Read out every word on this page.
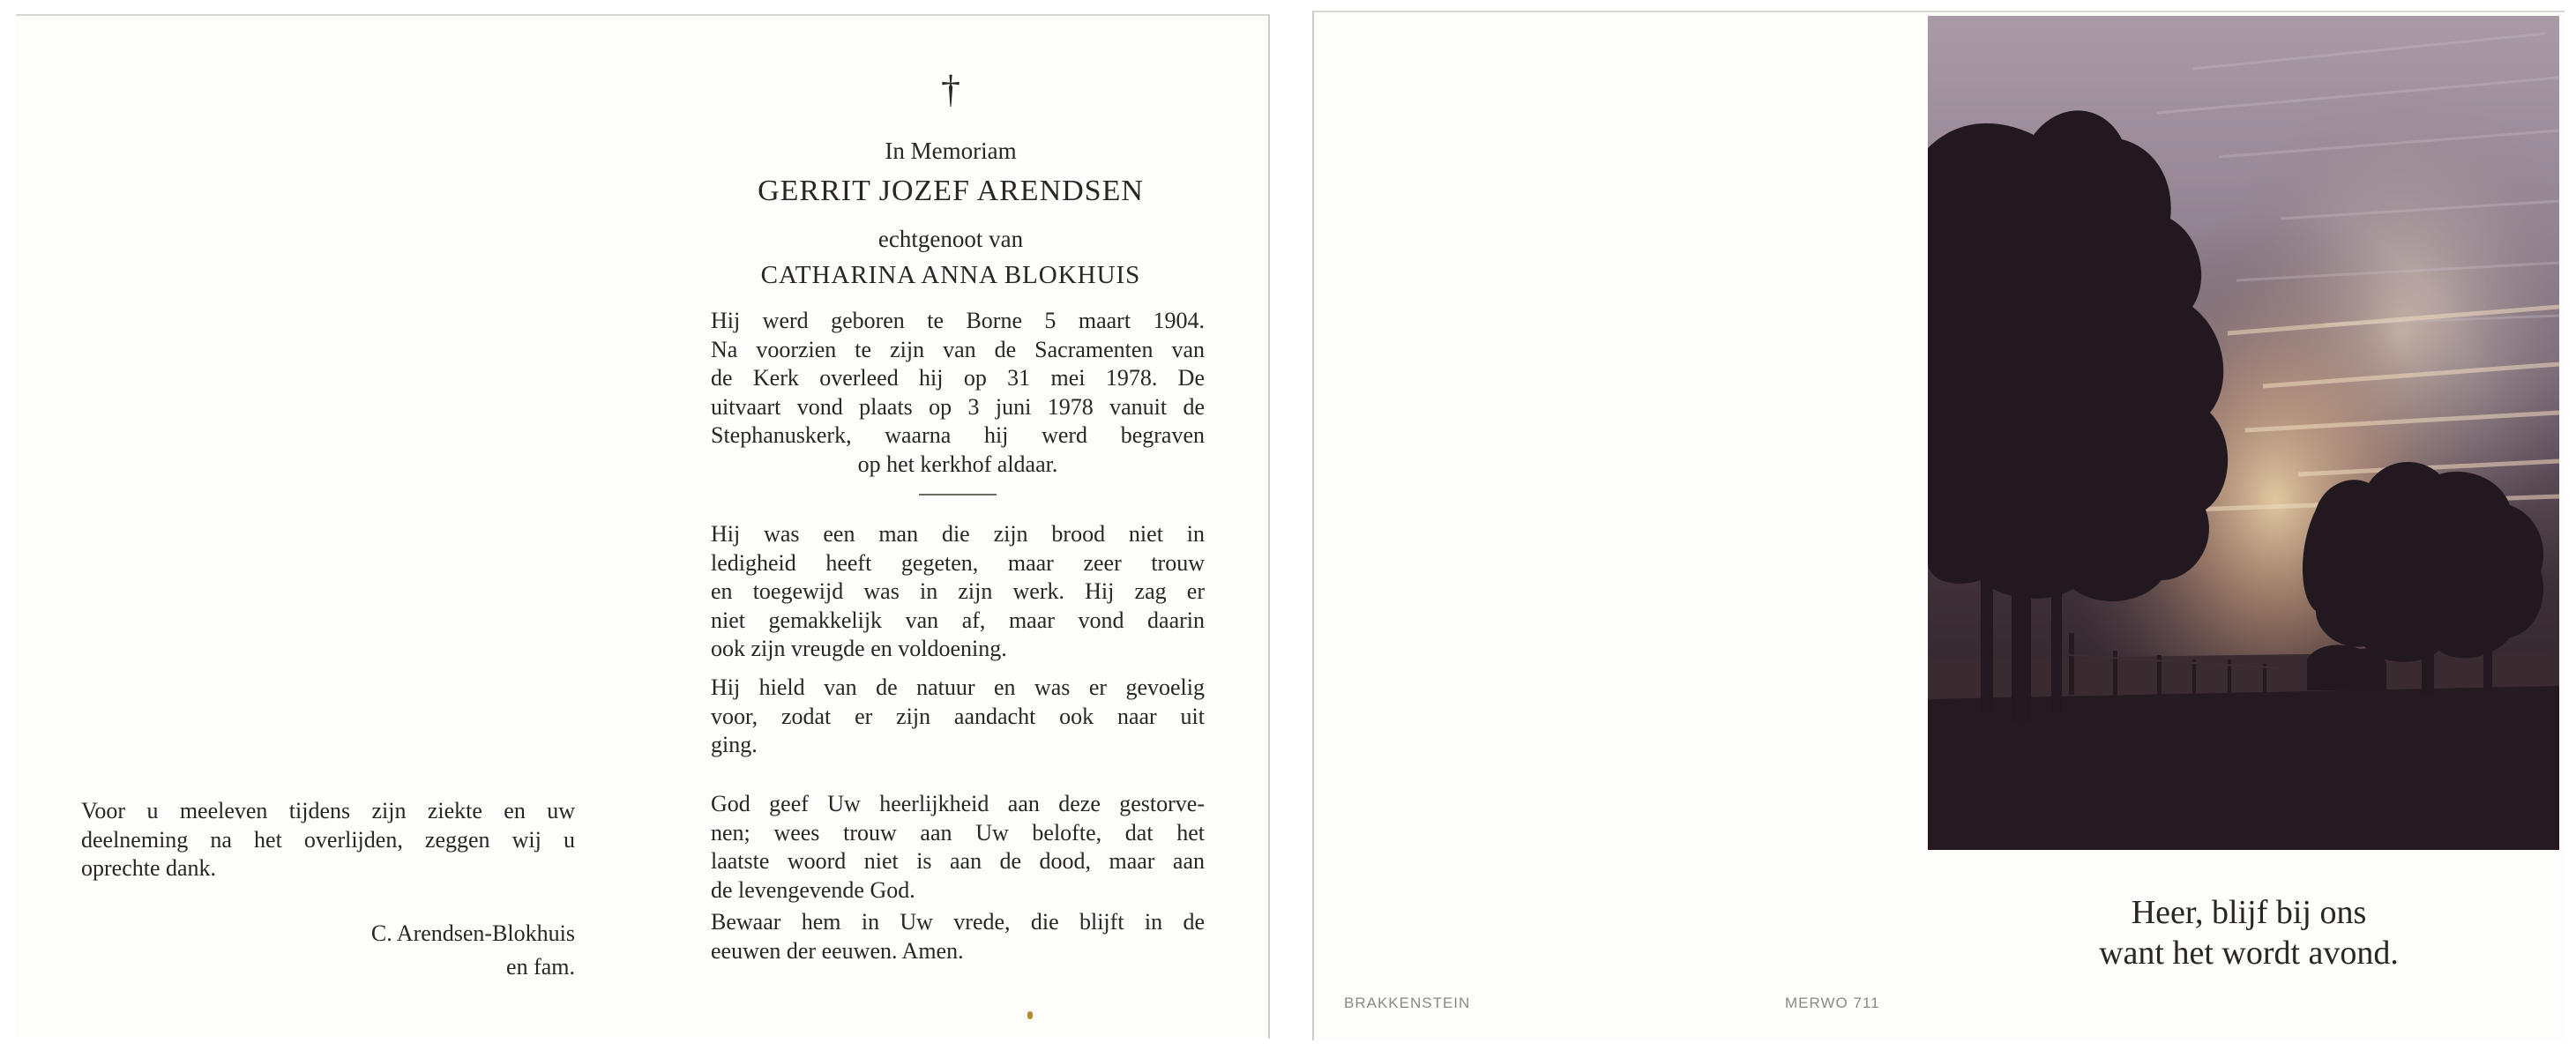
†
In Memoriam
GERRIT JOZEF ARENDSEN
echtgenoot van
CATHARINA ANNA BLOKHUIS
Hij werd geboren te Borne 5 maart 1904.
Na voorzien te zijn van de Sacramenten van
de Kerk overleed hij op 31 mei 1978. De
uitvaart vond plaats op 3 juni 1978 vanuit de
Stephanuskerk, waarna hij werd begraven
op het kerkhof aldaar.
Hij was een man die zijn brood niet in
ledigheid heeft gegeten, maar zeer trouw
en toegewijd was in zijn werk. Hij zag er
niet gemakkelijk van af, maar vond daarin
ook zijn vreugde en voldoening.
Hij hield van de natuur en was er gevoelig
voor, zodat er zijn aandacht ook naar uit
ging.
God geef Uw heerlijkheid aan deze gestorve-
nen; wees trouw aan Uw belofte, dat het
laatste woord niet is aan de dood, maar aan
de levengevende God.
Bewaar hem in Uw vrede, die blijft in de
eeuwen der eeuwen. Amen.
Voor u meeleven tijdens zijn ziekte en uw
deelneming na het overlijden, zeggen wij u
oprechte dank.
C. Arendsen-Blokhuis
en fam.
Heer, blijf bij ons
want het wordt avond.
BRAKKENSTEIN	MERWO 711
